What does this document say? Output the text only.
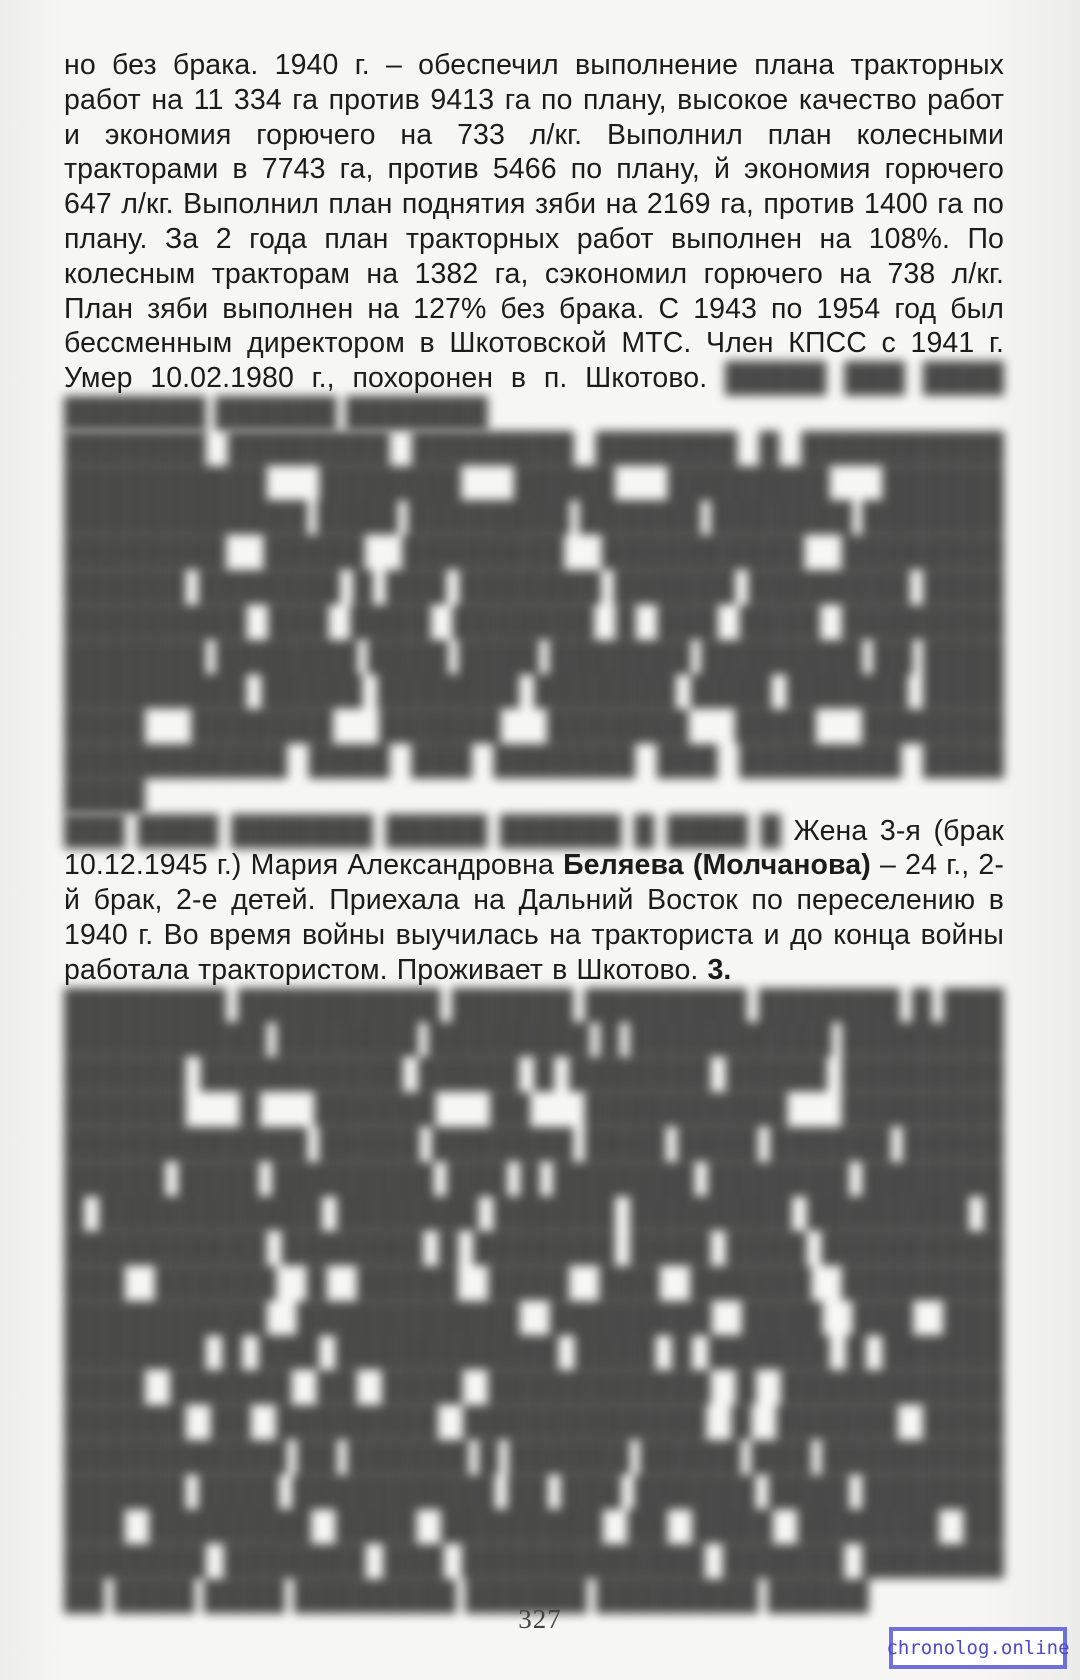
но без брака. 1940 г. – обеспечил выполнение плана тракторных работ на 11 334 га против 9413 га по плану, высокое качество работ и экономия горючего на 733 л/кг. Выполнил план колесными тракторами в 7743 га, против 5466 по плану, й экономия горючего 647 л/кг. Выполнил план поднятия зяби на 2169 га, против 1400 га по плану. За 2 года план тракторных работ выполнен на 108%. По колесным тракторам на 1382 га, сэкономил горючего на 738 л/кг. План зяби выполнен на 127% без брака. С 1943 по 1954 год был бессменным директором в Шкотовской МТС. Член КПСС с 1941 г. Умер 10.02.1980 г., похоронен в п. Шкотово. █████ ███ ████ ███████ ██████ ███████

███████ ████████ ████████ ███████ █ ██████████ ██████████ ███████ █████ ████████ ██████ ████████████ ████ ████████ ██████ ███████ ███████ ████████ █████ ████████ ██████████ ████████ ██████ ███████ █ ███ ███████ ██████ ████████ ████ █████████ ███ ████ ███████ █ ███ ████ ████████ ███████ ███████ ████ ████ ███████ ████████ ██ ████ █████████ █████ ███████ ███████ ████ ██████ ████ ████ ███████ ██████ ███████ ████ ███████ ███████████ ████ ███ ███████ ███ ████████ ████ ████

███ ████ ███████ █████ ██████ █ ████ █ Жена 3-я (брак 10.12.1945 г.) Мария Александровна Беляева (Молчанова) – 24 г., 2-й брак, 2-е детей. Приехала на Дальний Восток по переселению в 1940 г. Во время войны выучилась на тракториста и до конца войны работала трактористом. Проживает в Шкотово. 3.

████████ ██████████ ██████ ████████ ███████ █ ███ ██████████ ███████ ████████ █ ██████████ ████████ ██████ ██████████ █████ █ ███████ █████ ████████ ██████ █ ██████ ██ ██████████ ████████ ████████████ █████ ███████ ████ ████ ██████ █████ █████ ████ ████████ ███ █ ███████ ███████ ███████ █ ███████████ ███████ ██████ ████████ ████████ █ ██████████ ███████ █ ███████ ████ ████ █████████ ███ ██████ █ █████ ████ ███ ██████ ████████ ██████████ ███████████ ████████ ████ ███ ███ ███████ █ ███ ███████████ ████ █ ██████ █ ██████ ████ ██████ ██ ████ ███████████ █ ███████████ ██████ ██ ████████ ████████████ █ ██████ ████ ███████████ ██ ██████ █ ██████ █████ ███ █████████ ██████ ████ ██████████ ██ ███ ██████ ████ ███████ ███ ████████ ████ ████████ ██ ████ ███████ ██ ███████ ███████ ███ ████████████ ██████ ███████ ██ ████ ████ ████████ ██████ ████████ █████
327
chronolog.online
